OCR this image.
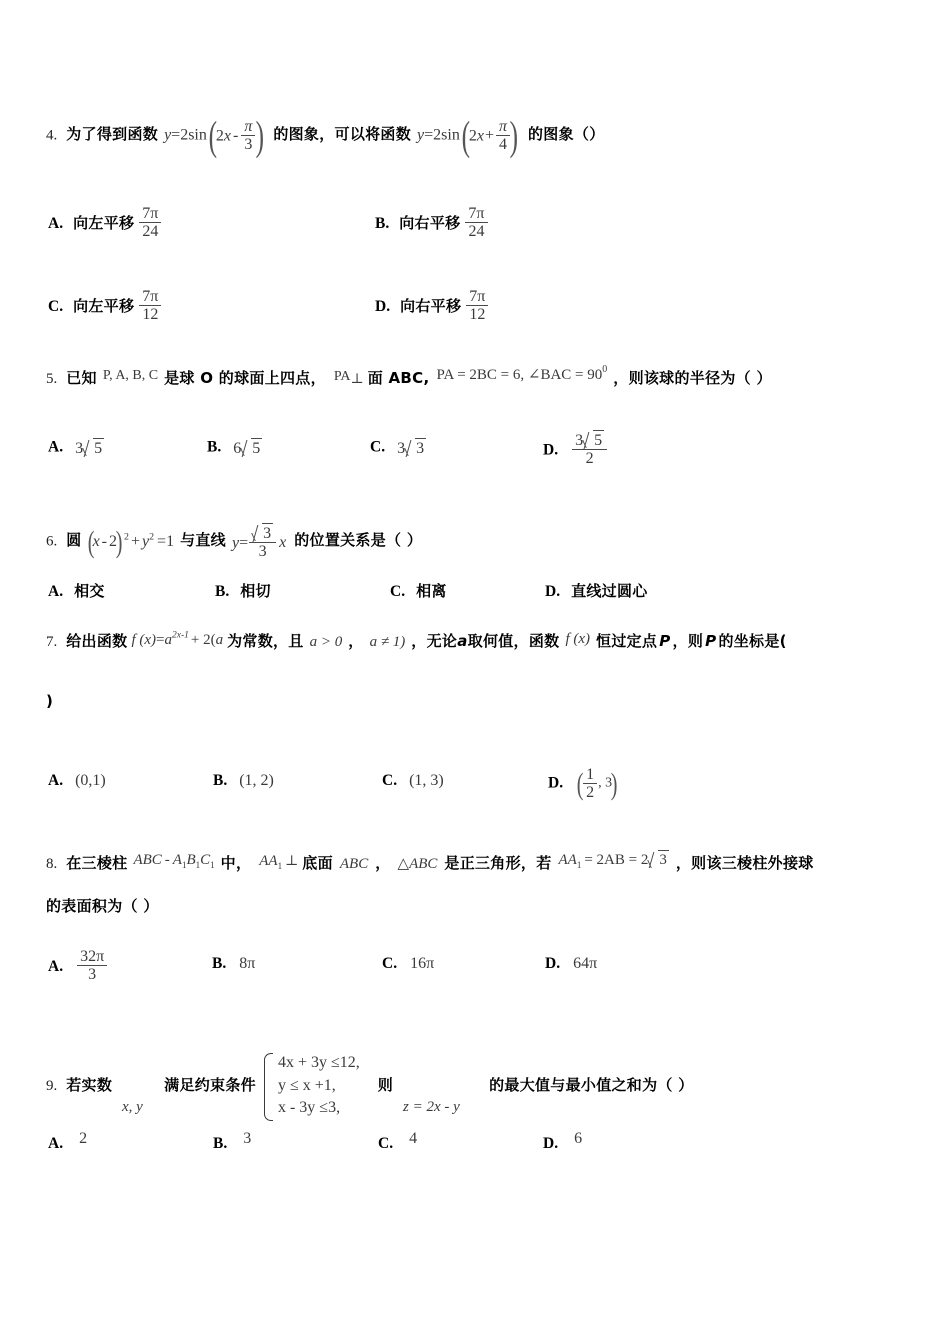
4. 为了得到函数 y=2sin ( $2x - \frac{\pi}{3}$
) 的图象，可以将函数 y=2sin ( $2x+ \frac{\pi}{4}$
) 的图象（）
A. 向左平移 $\frac{7\pi}{24}$	B. 向右平移 $\frac{7\pi}{24}$
C. 向左平移 $\frac{7\pi}{12}$	D. 向右平移 $\frac{7\pi}{12}$
5. 已知 P, A, B, C 是球 O 的球面上四点， PA⊥ 面 ABC, PA = 2BC = 6, ∠BAC = $90^0$ ，则该球的半径为（ ）
A. 3 5	B. 6 5	C. 3 3	D. $\frac{3 5}{2}$
6. 圆 ( x - 2 ) $^2 + y^2 =1$ 与直线 $y= \frac{3}{3}$ x 的位置关系是（ ）
A. 相交	B. 相切	C. 相离	D. 直线过圆心
7. 给出函数 f $(x)=a^{2x-1} + 2(a$ 为常数，且 a > 0 ， a ≠ 1) ，无论a取何值，函数 f (x) 恒过定点 P ，则 P 的坐标是(
)
A. (0,1)	B. (1, 2)	C. (1, 3)	D. ( $\frac{1}{2}$ , 3 )
8. 在三棱柱 ABC - $A_1B_1C_1$ 中， $AA_1$ ⊥ 底面 ABC ， △ABC 是正三角形，若 $AA_1 = 2AB = 2$ 3 ，则该三棱柱外接球
的表面积为（ ）
A. $\frac{32\pi}{3}$	B. 8π	C. 16π	D. 64π
9. 若实数	满足约束条件
4x + 3y ≤12,
y ≤ x +1,
x - 3y ≤3,
则	的最大值与最小值之和为（ ）
x, y	z = 2x - y
A. 2	B. 3	C. 4	D. 6
